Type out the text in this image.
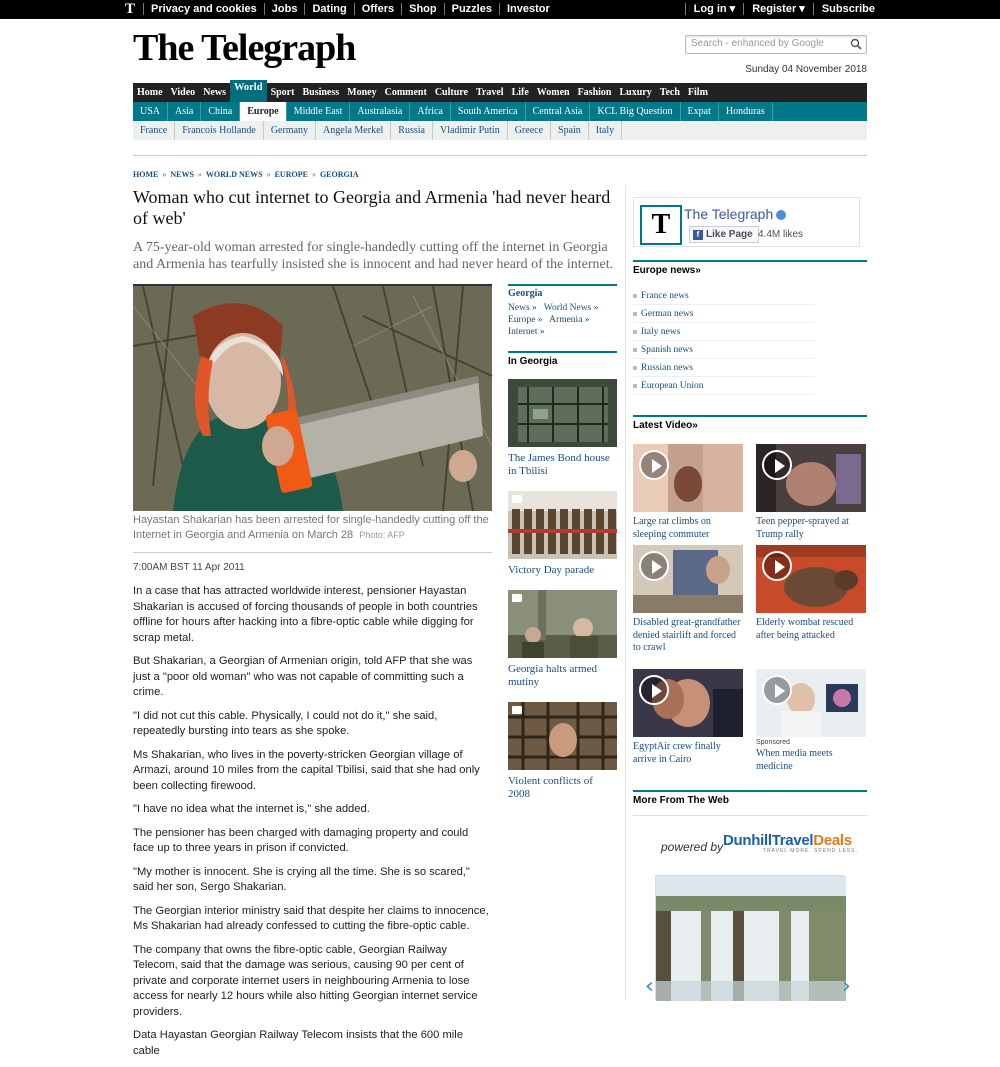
T	Privacy and cookies	Jobs	Dating	Offers	Shop	Puzzles	Investor	Log in ▾	Register ▾	Subscribe
The Telegraph	Search - enhanced by Google
Sunday 04 November 2018
Home Video News World Sport Business Money Comment Culture Travel Life Women Fashion Luxury Tech Film
USA	Asia	China	Europe	Middle East	Australasia	Africa	South America	Central Asia	KCL Big Question	Expat	Honduras
France	Francois Hollande	Germany	Angela Merkel	Russia	Vladimir Putin	Greece	Spain	Italy
HOME » NEWS » WORLD NEWS » EUROPE » GEORGIA
Woman who cut internet to Georgia and Armenia 'had never heard of web'

A 75-year-old woman arrested for single-handedly cutting off the internet in Georgia and Armenia has tearfully insisted she is innocent and had never heard of the internet.

Hayastan Shakarian has been arrested for single-handedly cutting off the Internet in Georgia and Armenia on March 28 Photo: AFP
7:00AM BST 11 Apr 2011

In a case that has attracted worldwide interest, pensioner Hayastan Shakarian is accused of forcing thousands of people in both countries offline for hours after hacking into a fibre-optic cable while digging for scrap metal.

But Shakarian, a Georgian of Armenian origin, told AFP that she was just a "poor old woman" who was not capable of committing such a crime.

"I did not cut this cable. Physically, I could not do it," she said, repeatedly bursting into tears as she spoke.

Ms Shakarian, who lives in the poverty-stricken Georgian village of Armazi, around 10 miles from the capital Tbilisi, said that she had only been collecting firewood.

"I have no idea what the internet is," she added.

The pensioner has been charged with damaging property and could face up to three years in prison if convicted.

"My mother is innocent. She is crying all the time. She is so scared," said her son, Sergo Shakarian.

The Georgian interior ministry said that despite her claims to innocence, Ms Shakarian had already confessed to cutting the fibre-optic cable.

The company that owns the fibre-optic cable, Georgian Railway Telecom, said that the damage was serious, causing 90 per cent of private and corporate internet users in neighbouring Armenia to lose access for nearly 12 hours while also hitting Georgian internet service providers.

Data Hayastan Georgian Railway Telecom insists that the 600 mile cable

Georgia
News » World News »
Europe » Armenia »
Internet »
In Georgia
The James Bond house in Tbilisi
Victory Day parade
Georgia halts armed mutiny
Violent conflicts of 2008
T The Telegraph
f Like Page 4.4M likes
Europe news»
France news
German news
Italy news
Spanish news
Russian news
European Union
Latest Video»
Large rat climbs on sleeping commuter
Teen pepper-sprayed at Trump rally
Disabled great-grandfather denied stairlift and forced to crawl
Elderly wombat rescued after being attacked
EgyptAir crew finally arrive in Cairo
Sponsored
When media meets medicine
More From The Web
powered by DunhillTravelDeals
TRAVEL MORE. SPEND LESS.
‹	›
